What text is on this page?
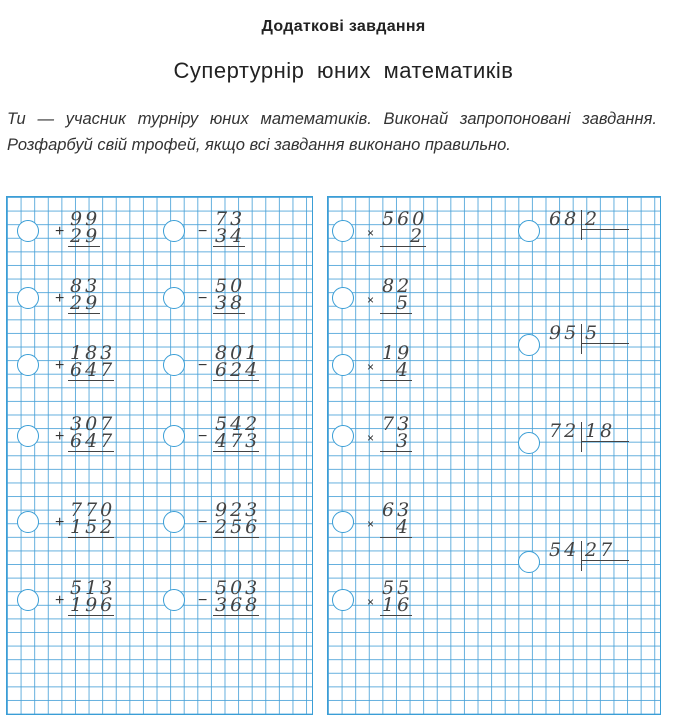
Додаткові завдання
Супертурнір юних математиків
Ти — учасник турніру юних математиків. Виконай запропоновані завдання. Розфарбуй свій трофей, якщо всі завдання виконано правильно.
+
99
29
+
83
29
+
183
647
+
307
647
+
770
152
+
513
196
−
73
34
−
50
38
−
801
624
−
542
473
−
923
256
−
503
368
×
560
2
×
82
5
×
19
4
×
73
3
×
63
4
×
55
16
68 2
95 5
72 18
54 27
